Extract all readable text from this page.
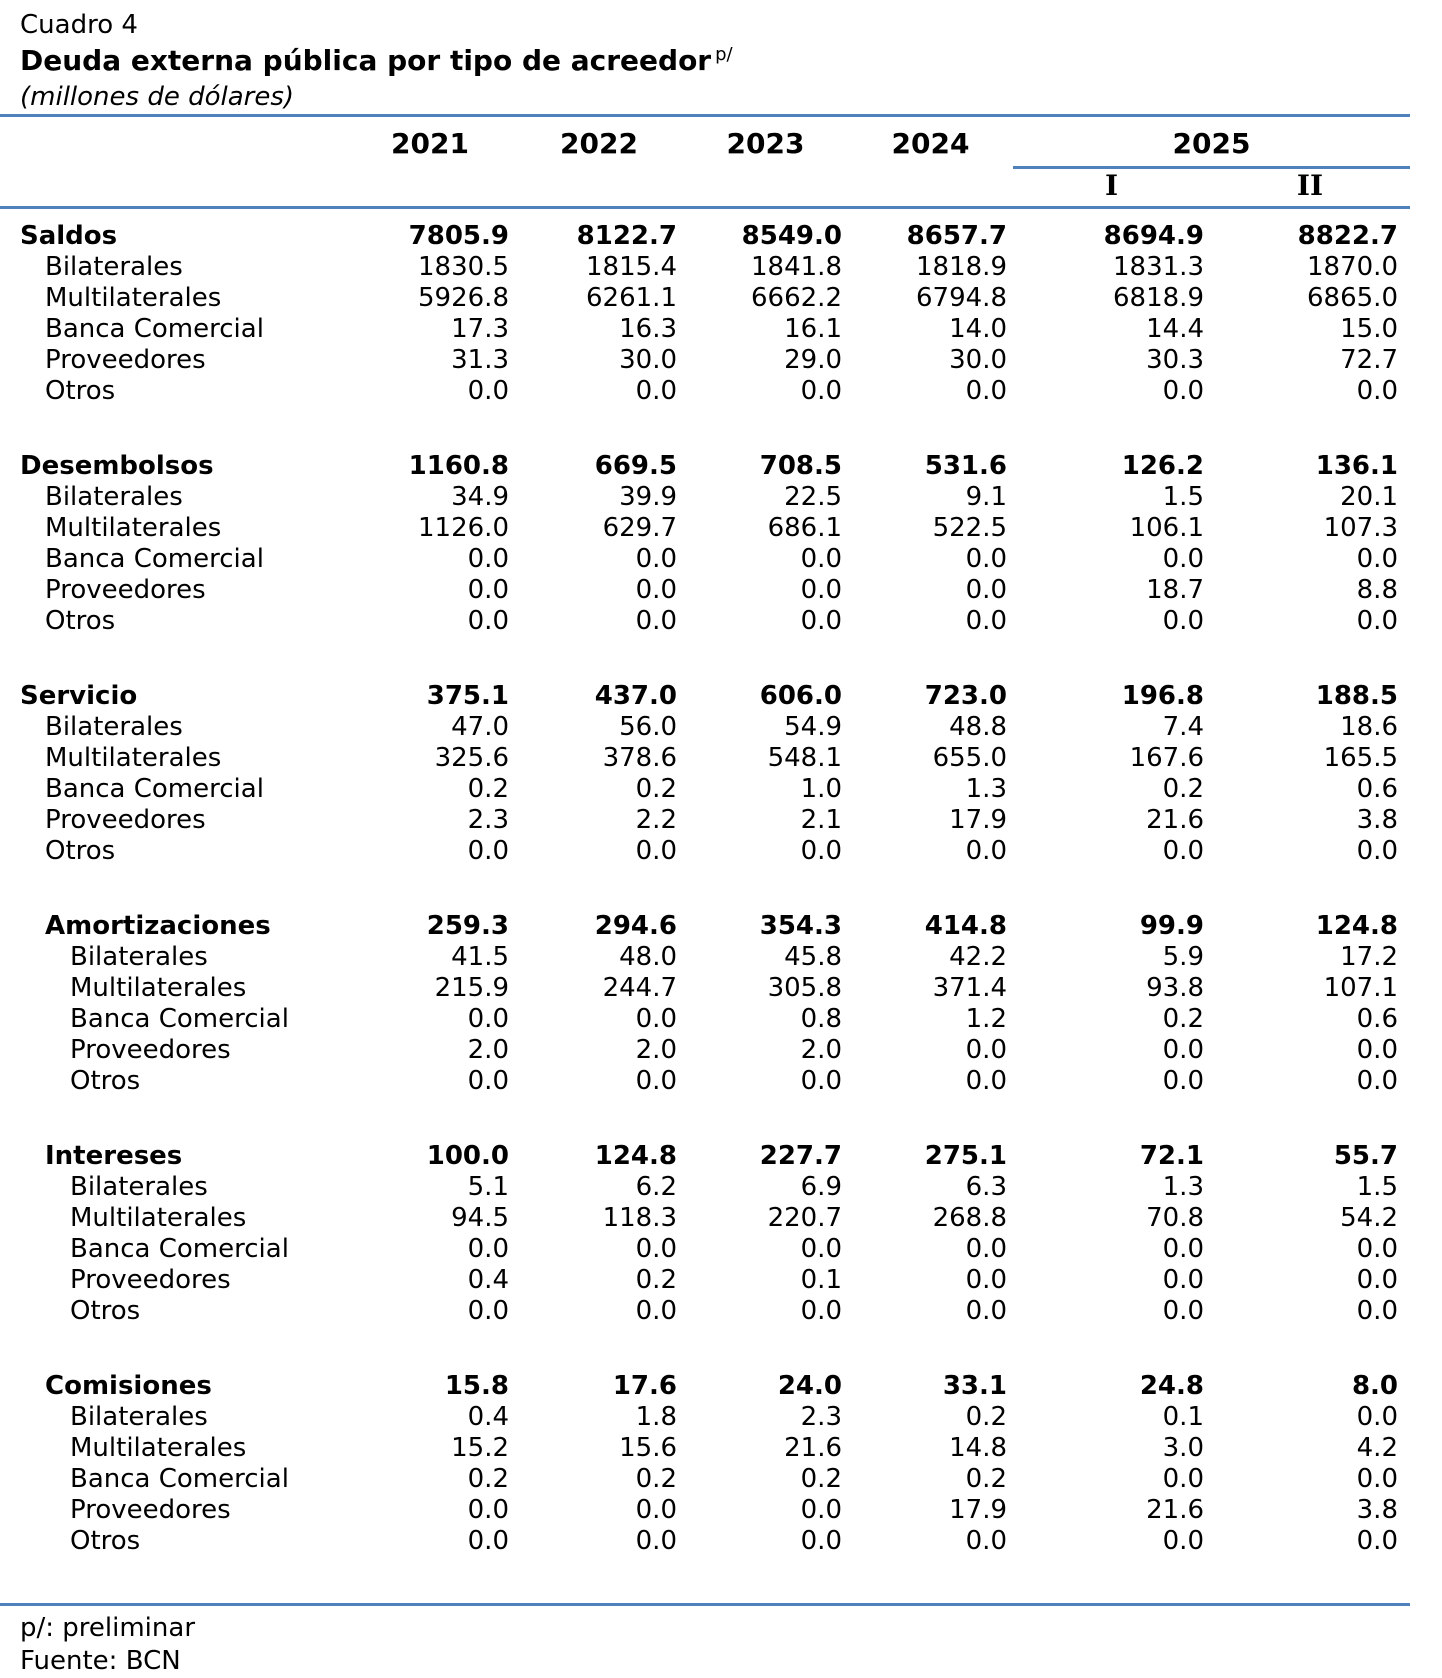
Cuadro 4
Deuda externa pública por tipo de acreedor $^{p/}$
(millones de dólares)
2021	2022	2023	2024	2025
I	II
Saldos	7805.9	8122.7	8549.0	8657.7	8694.9	8822.7
Bilaterales	1830.5	1815.4	1841.8	1818.9	1831.3	1870.0
Multilaterales	5926.8	6261.1	6662.2	6794.8	6818.9	6865.0
Banca Comercial	17.3	16.3	16.1	14.0	14.4	15.0
Proveedores	31.3	30.0	29.0	30.0	30.3	72.7
Otros	0.0	0.0	0.0	0.0	0.0	0.0
Desembolsos	1160.8	669.5	708.5	531.6	126.2	136.1
Bilaterales	34.9	39.9	22.5	9.1	1.5	20.1
Multilaterales	1126.0	629.7	686.1	522.5	106.1	107.3
Banca Comercial	0.0	0.0	0.0	0.0	0.0	0.0
Proveedores	0.0	0.0	0.0	0.0	18.7	8.8
Otros	0.0	0.0	0.0	0.0	0.0	0.0
Servicio	375.1	437.0	606.0	723.0	196.8	188.5
Bilaterales	47.0	56.0	54.9	48.8	7.4	18.6
Multilaterales	325.6	378.6	548.1	655.0	167.6	165.5
Banca Comercial	0.2	0.2	1.0	1.3	0.2	0.6
Proveedores	2.3	2.2	2.1	17.9	21.6	3.8
Otros	0.0	0.0	0.0	0.0	0.0	0.0
Amortizaciones	259.3	294.6	354.3	414.8	99.9	124.8
Bilaterales	41.5	48.0	45.8	42.2	5.9	17.2
Multilaterales	215.9	244.7	305.8	371.4	93.8	107.1
Banca Comercial	0.0	0.0	0.8	1.2	0.2	0.6
Proveedores	2.0	2.0	2.0	0.0	0.0	0.0
Otros	0.0	0.0	0.0	0.0	0.0	0.0
Intereses	100.0	124.8	227.7	275.1	72.1	55.7
Bilaterales	5.1	6.2	6.9	6.3	1.3	1.5
Multilaterales	94.5	118.3	220.7	268.8	70.8	54.2
Banca Comercial	0.0	0.0	0.0	0.0	0.0	0.0
Proveedores	0.4	0.2	0.1	0.0	0.0	0.0
Otros	0.0	0.0	0.0	0.0	0.0	0.0
Comisiones	15.8	17.6	24.0	33.1	24.8	8.0
Bilaterales	0.4	1.8	2.3	0.2	0.1	0.0
Multilaterales	15.2	15.6	21.6	14.8	3.0	4.2
Banca Comercial	0.2	0.2	0.2	0.2	0.0	0.0
Proveedores	0.0	0.0	0.0	17.9	21.6	3.8
Otros	0.0	0.0	0.0	0.0	0.0	0.0
p/: preliminar
Fuente: BCN
